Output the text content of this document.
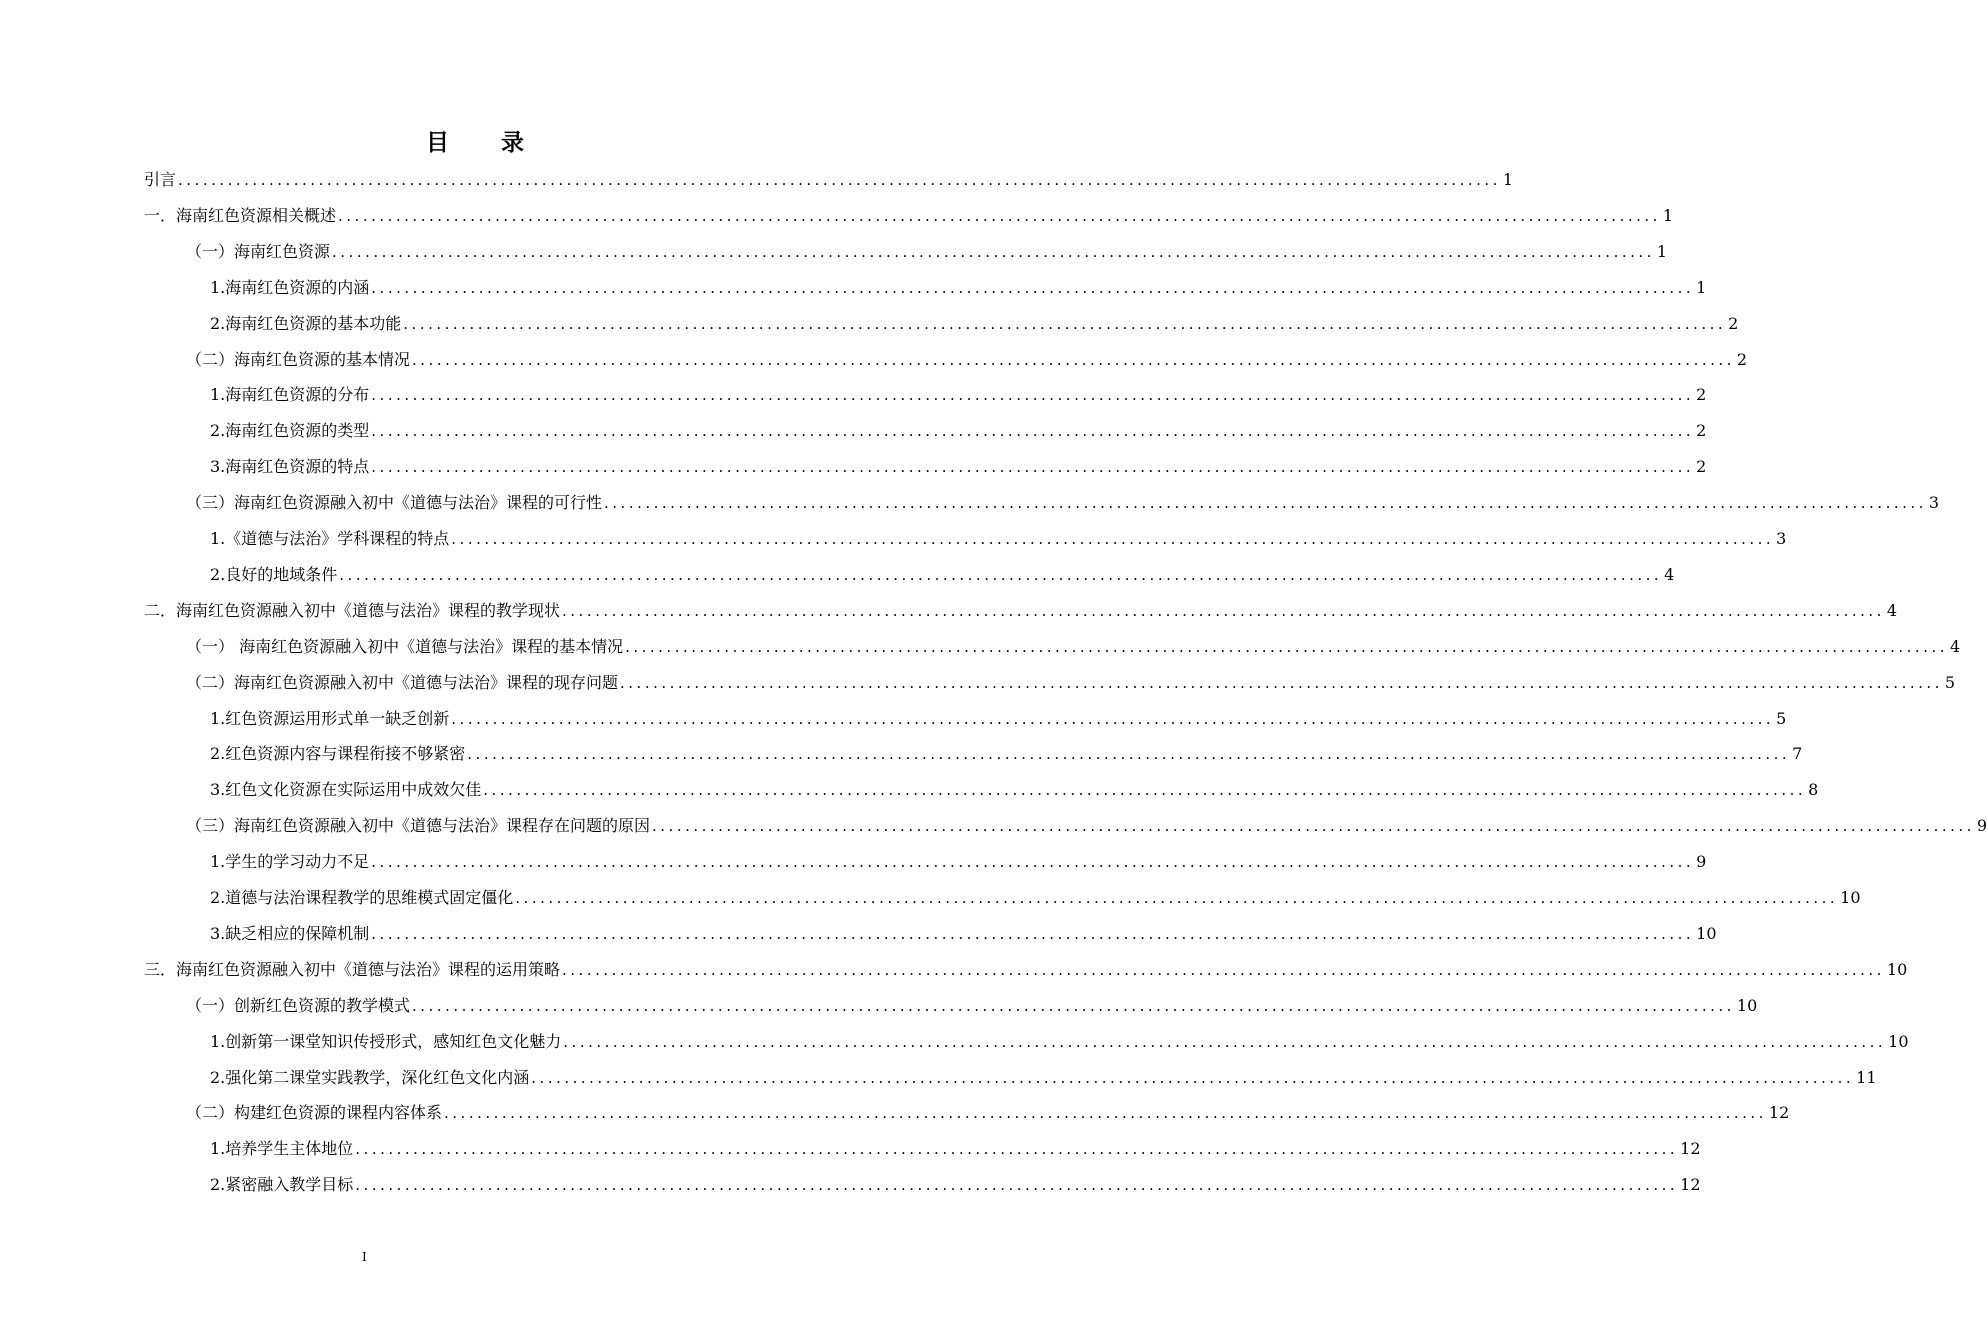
目 录
引言 ................................................................................................................................................................ 1
一．海南红色资源相关概述 ................................................................................................................................................................ 1
（一）海南红色资源 ................................................................................................................................................................ 1
1.海南红色资源的内涵 ................................................................................................................................................................ 1
2.海南红色资源的基本功能 ................................................................................................................................................................ 2
（二）海南红色资源的基本情况 ................................................................................................................................................................ 2
1.海南红色资源的分布 ................................................................................................................................................................ 2
2.海南红色资源的类型 ................................................................................................................................................................ 2
3.海南红色资源的特点 ................................................................................................................................................................ 2
（三）海南红色资源融入初中《道德与法治》课程的可行性 ................................................................................................................................................................ 3
1.《道德与法治》学科课程的特点 ................................................................................................................................................................ 3
2.良好的地域条件 ................................................................................................................................................................ 4
二．海南红色资源融入初中《道德与法治》课程的教学现状 ................................................................................................................................................................ 4
（一） 海南红色资源融入初中《道德与法治》课程的基本情况 ................................................................................................................................................................ 4
（二）海南红色资源融入初中《道德与法治》课程的现存问题 ................................................................................................................................................................ 5
1.红色资源运用形式单一缺乏创新 ................................................................................................................................................................ 5
2.红色资源内容与课程衔接不够紧密 ................................................................................................................................................................ 7
3.红色文化资源在实际运用中成效欠佳 ................................................................................................................................................................ 8
（三）海南红色资源融入初中《道德与法治》课程存在问题的原因 ................................................................................................................................................................ 9
1.学生的学习动力不足 ................................................................................................................................................................ 9
2.道德与法治课程教学的思维模式固定僵化 ................................................................................................................................................................ 10
3.缺乏相应的保障机制 ................................................................................................................................................................ 10
三．海南红色资源融入初中《道德与法治》课程的运用策略 ................................................................................................................................................................ 10
（一）创新红色资源的教学模式 ................................................................................................................................................................ 10
1.创新第一课堂知识传授形式，感知红色文化魅力 ................................................................................................................................................................ 10
2.强化第二课堂实践教学，深化红色文化内涵 ................................................................................................................................................................ 11
（二）构建红色资源的课程内容体系 ................................................................................................................................................................ 12
1.培养学生主体地位 ................................................................................................................................................................ 12
2.紧密融入教学目标 ................................................................................................................................................................ 12
I
